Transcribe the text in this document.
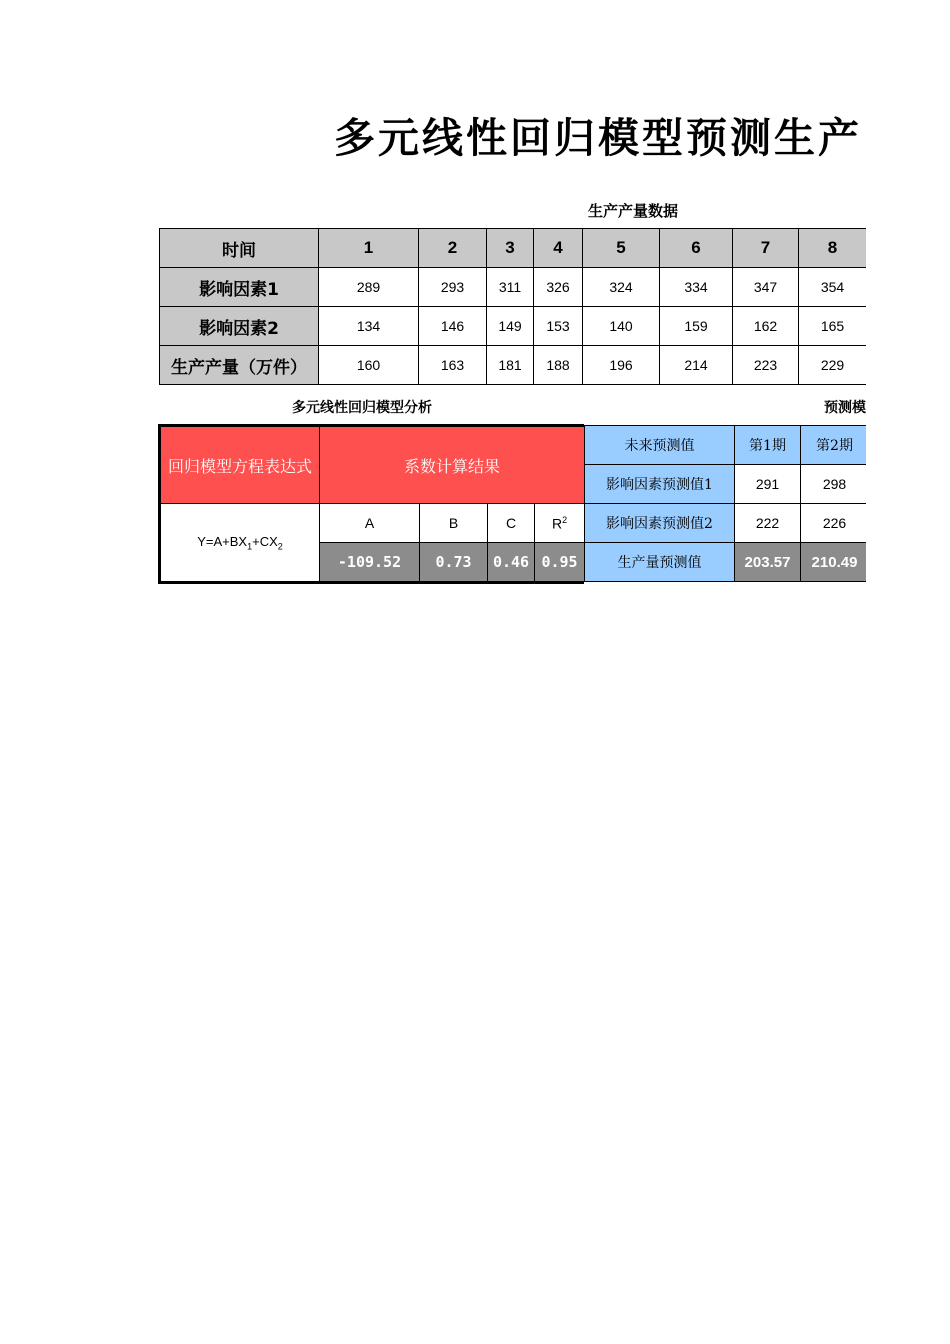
多元线性回归模型预测生产
生产产量数据
时间	1	2	3	4	5	6	7	8
影响因素1	289	293	311	326	324	334	347	354
影响因素2	134	146	149	153	140	159	162	165
生产产量（万件）	160	163	181	188	196	214	223	229
多元线性回归模型分析	预测模
回归模型方程表达式	系数计算结果			

$Y=A+BX_1+CX_2$	A	B	C	$R^2$
	-109.52	0.73	0.46	0.95
未来预测值	第1期	第2期
影响因素预测值1	291	298
影响因素预测值2	222	226
生产量预测值	203.57	210.49
